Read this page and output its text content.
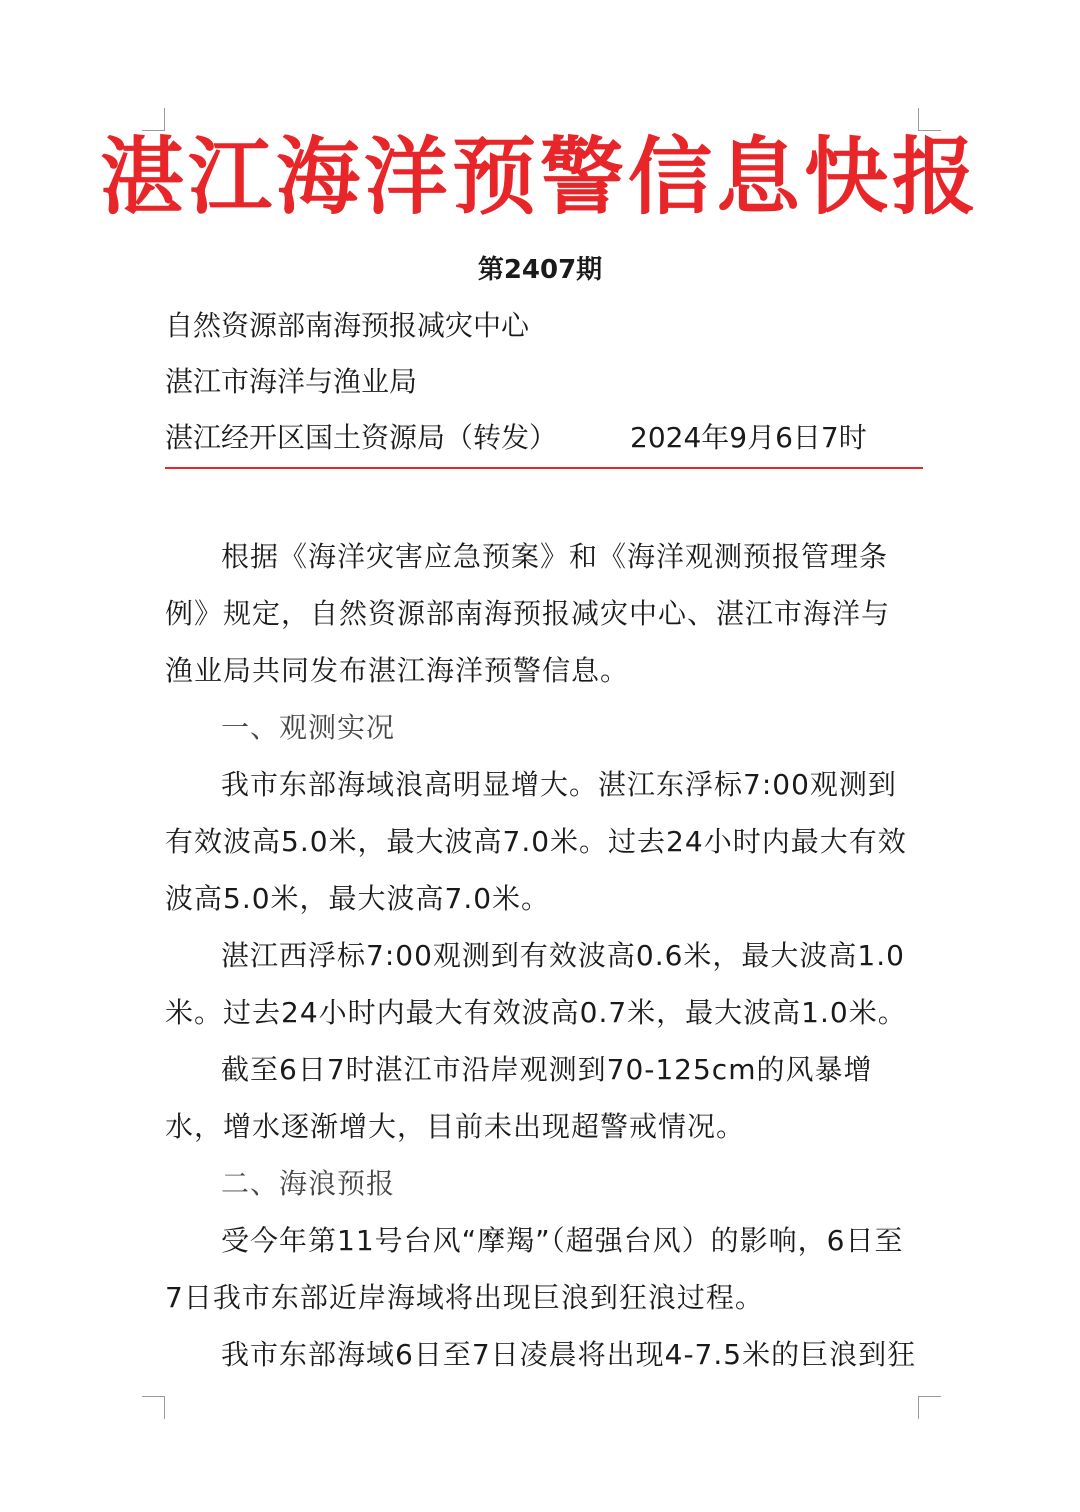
湛江海洋预警信息快报
第2407期
自然资源部南海预报减灾中心
湛江市海洋与渔业局
湛江经开区国土资源局（转发）	2024年9月6日7时

根据《海洋灾害应急预案》和《海洋观测预报管理条例》规定，自然资源部南海预报减灾中心、湛江市海洋与渔业局共同发布湛江海洋预警信息。

一、观测实况

我市东部海域浪高明显增大。湛江东浮标7:00观测到有效波高5.0米，最大波高7.0米。过去24小时内最大有效波高5.0米，最大波高7.0米。

湛江西浮标7:00观测到有效波高0.6米，最大波高1.0米。过去24小时内最大有效波高0.7米，最大波高1.0米。

截至6日7时湛江市沿岸观测到70-125cm的风暴增水，增水逐渐增大，目前未出现超警戒情况。

二、海浪预报

受今年第11号台风“摩羯”（超强台风）的影响，6日至7日我市东部近岸海域将出现巨浪到狂浪过程。

我市东部海域6日至7日凌晨将出现4-7.5米的巨浪到狂
